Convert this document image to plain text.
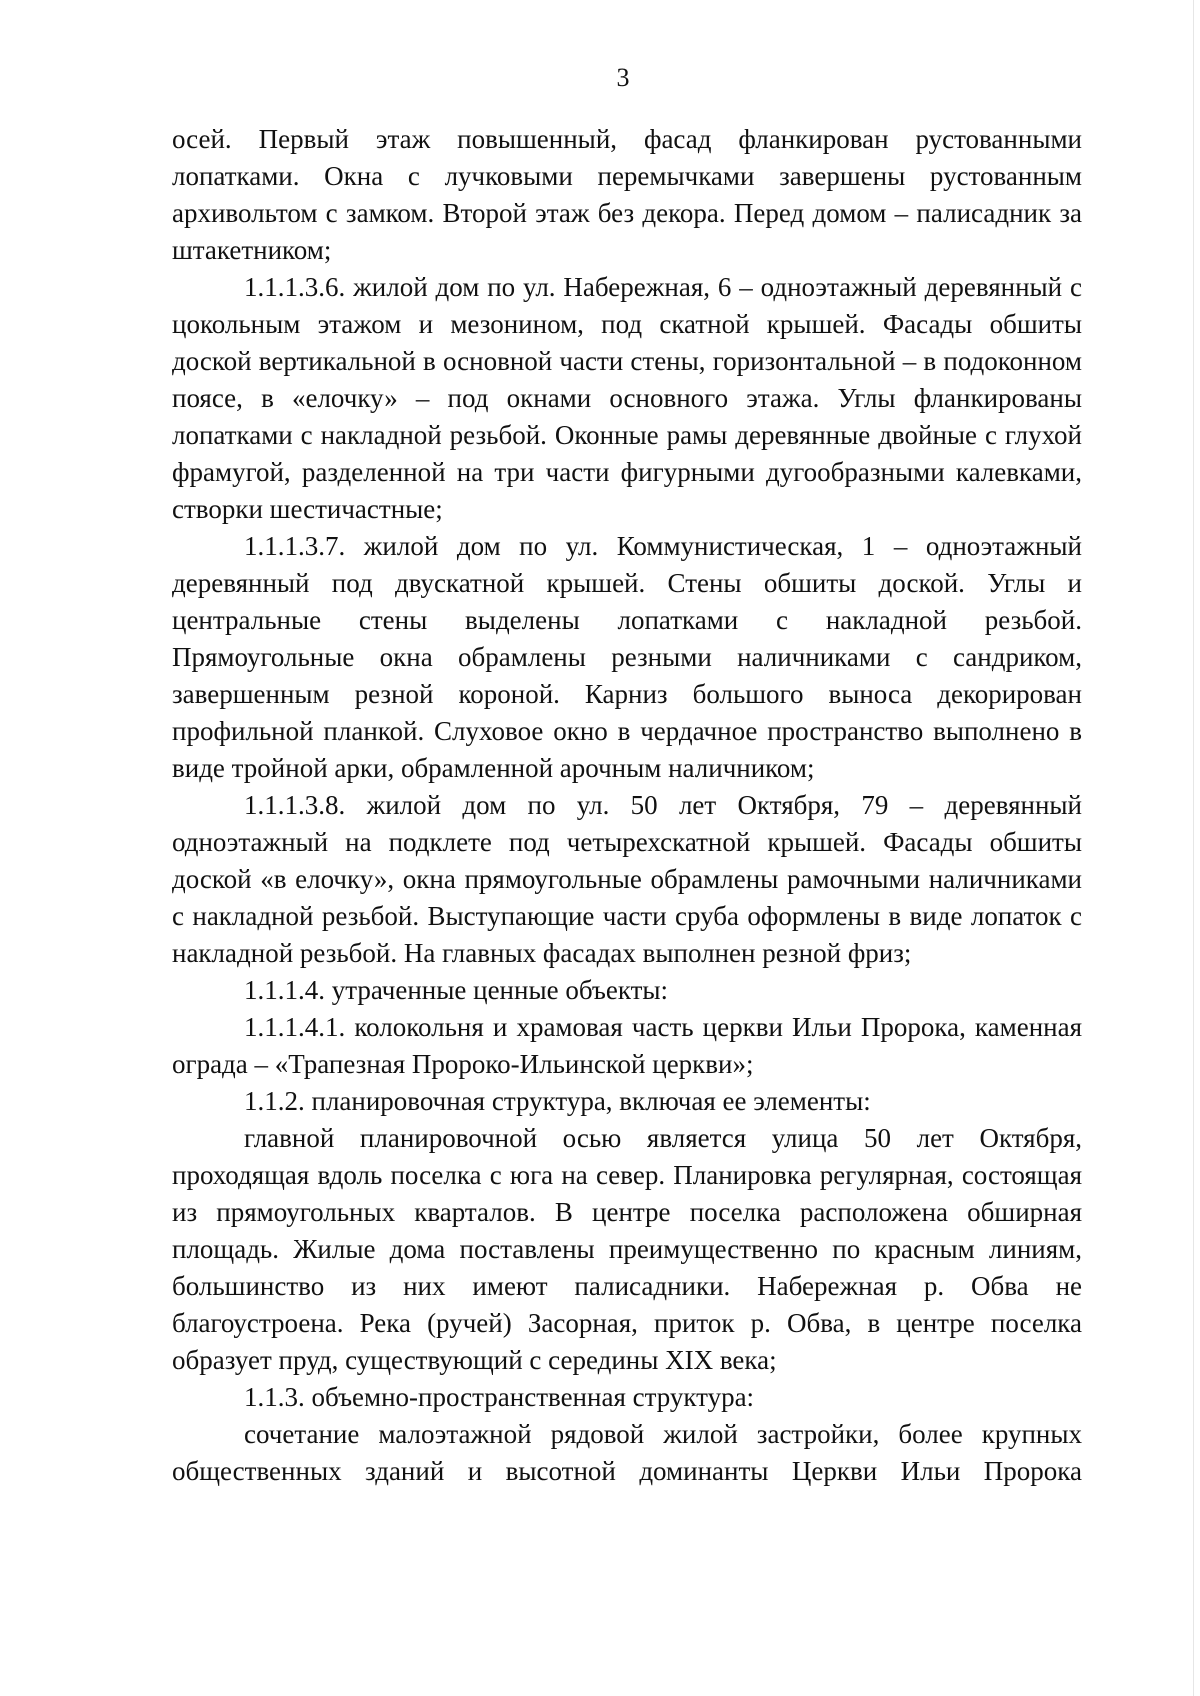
3

осей. Первый этаж повышенный, фасад фланкирован рустованными лопатками. Окна с лучковыми перемычками завершены рустованным архивольтом с замком. Второй этаж без декора. Перед домом – палисадник за штакетником;

1.1.1.3.6. жилой дом по ул. Набережная, 6 – одноэтажный деревянный с цокольным этажом и мезонином, под скатной крышей. Фасады обшиты доской вертикальной в основной части стены, горизонтальной – в подоконном поясе, в «елочку» – под окнами основного этажа. Углы фланкированы лопатками с накладной резьбой. Оконные рамы деревянные двойные с глухой фрамугой, разделенной на три части фигурными дугообразными калевками, створки шестичастные;

1.1.1.3.7. жилой дом по ул. Коммунистическая, 1 – одноэтажный деревянный под двускатной крышей. Стены обшиты доской. Углы и центральные стены выделены лопатками с накладной резьбой. Прямоугольные окна обрамлены резными наличниками с сандриком, завершенным резной короной. Карниз большого выноса декорирован профильной планкой. Слуховое окно в чердачное пространство выполнено в виде тройной арки, обрамленной арочным наличником;

1.1.1.3.8. жилой дом по ул. 50 лет Октября, 79 – деревянный одноэтажный на подклете под четырехскатной крышей. Фасады обшиты доской «в елочку», окна прямоугольные обрамлены рамочными наличниками с накладной резьбой. Выступающие части сруба оформлены в виде лопаток с накладной резьбой. На главных фасадах выполнен резной фриз;

1.1.1.4. утраченные ценные объекты:

1.1.1.4.1. колокольня и храмовая часть церкви Ильи Пророка, каменная ограда – «Трапезная Пророко-Ильинской церкви»;

1.1.2. планировочная структура, включая ее элементы:

главной планировочной осью является улица 50 лет Октября, проходящая вдоль поселка с юга на север. Планировка регулярная, состоящая из прямоугольных кварталов. В центре поселка расположена обширная площадь. Жилые дома поставлены преимущественно по красным линиям, большинство из них имеют палисадники. Набережная р. Обва не благоустроена. Река (ручей) Засорная, приток р. Обва, в центре поселка образует пруд, существующий с середины XIX века;

1.1.3. объемно-пространственная структура:

сочетание малоэтажной рядовой жилой застройки, более крупных общественных зданий и высотной доминанты Церкви Ильи Пророка
